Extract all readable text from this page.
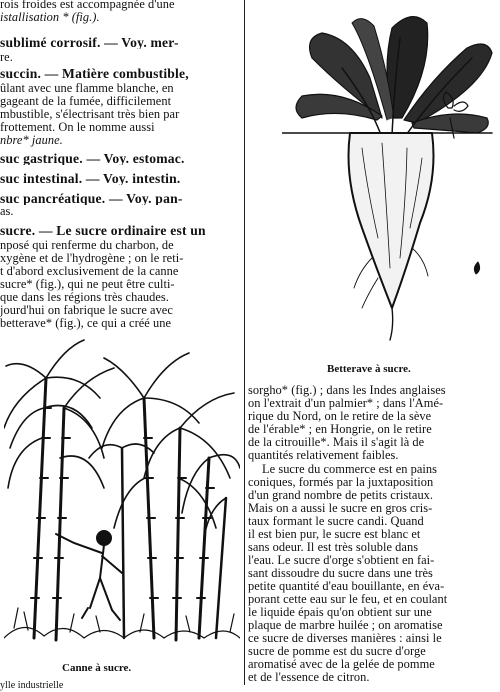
rois froides est accompagnée d'une
istallisation * (fig.).
sublimé corrosif. — Voy. mer-
re.
succin. — Matière combustible,
ûlant avec une flamme blanche, en
gageant de la fumée, difficilement
mbustible, s'électrisant très bien par
frottement. On le nomme aussi
nbre* jaune.
suc gastrique. — Voy. estomac.
suc intestinal. — Voy. intestin.
suc pancréatique. — Voy. pan-
as.
sucre. — Le sucre ordinaire est un
nposé qui renferme du charbon, de
xygène et de l'hydrogène ; on le reti-
t d'abord exclusivement de la canne
sucre* (fig.), qui ne peut être culti-
que dans les régions très chaudes.
jourd'hui on fabrique le sucre avec
betterave* (fig.), ce qui a créé une
Canne à sucre.
ylle industrielle
Betterave à sucre.
sorgho* (fig.) ; dans les Indes anglaises
on l'extrait d'un palmier* ; dans l'Amé-
rique du Nord, on le retire de la sève
de l'érable* ; en Hongrie, on le retire
de la citrouille*. Mais il s'agit là de
quantités relativement faibles.
Le sucre du commerce est en pains
coniques, formés par la juxtaposition
d'un grand nombre de petits cristaux.
Mais on a aussi le sucre en gros cris-
taux formant le sucre candi. Quand
il est bien pur, le sucre est blanc et
sans odeur. Il est très soluble dans
l'eau. Le sucre d'orge s'obtient en fai-
sant dissoudre du sucre dans une très
petite quantité d'eau bouillante, en éva-
porant cette eau sur le feu, et en coulant
le liquide épais qu'on obtient sur une
plaque de marbre huilée ; on aromatise
ce sucre de diverses manières : ainsi le
sucre de pomme est du sucre d'orge
aromatisé avec de la gelée de pomme
et de l'essence de citron.
